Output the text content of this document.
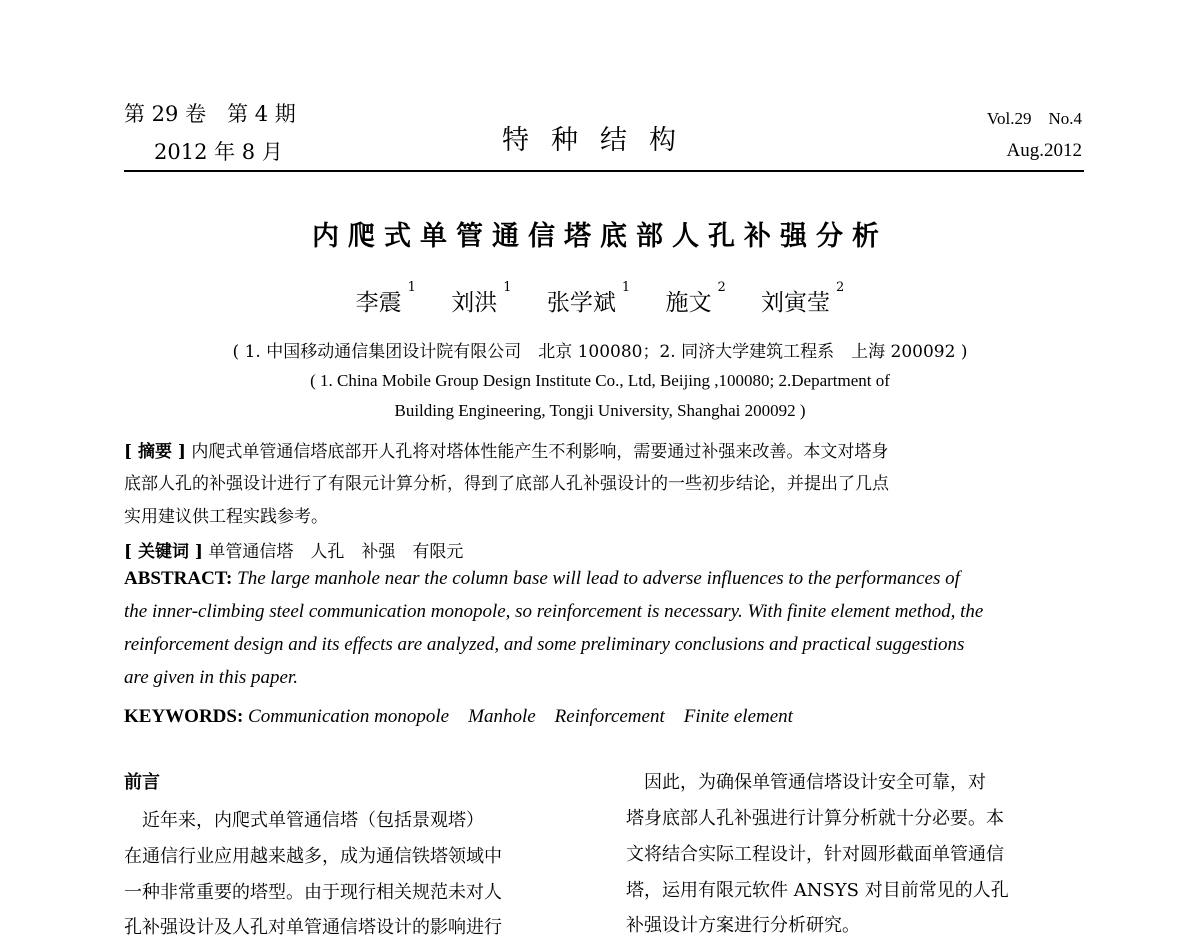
第 29 卷　第 4 期
2012 年 8 月	特种结构
Vol.29　No.4
Aug.2012
内爬式单管通信塔底部人孔补强分析
李震$^1$ 刘洪$^1$ 张学斌$^1$ 施文$^2$ 刘寅莹$^2$
( 1. 中国移动通信集团设计院有限公司　北京 100080；2. 同济大学建筑工程系　上海 200092 )
( 1. China Mobile Group Design Institute Co., Ltd, Beijing ,100080; 2.Department of
Building Engineering, Tongji University, Shanghai 200092 )
[ 摘要 ] 内爬式单管通信塔底部开人孔将对塔体性能产生不利影响，需要通过补强来改善。本文对塔身
底部人孔的补强设计进行了有限元计算分析，得到了底部人孔补强设计的一些初步结论，并提出了几点
实用建议供工程实践参考。
[ 关键词 ] 单管通信塔　人孔　补强　有限元
ABSTRACT: The large manhole near the column base will lead to adverse influences to the performances of
the inner-climbing steel communication monopole, so reinforcement is necessary. With finite element method, the
reinforcement design and its effects are analyzed, and some preliminary conclusions and practical suggestions
are given in this paper.
KEYWORDS: Communication monopole　Manhole　Reinforcement　Finite element
前言
　近年来，内爬式单管通信塔（包括景观塔）
在通信行业应用越来越多，成为通信铁塔领域中
一种非常重要的塔型。由于现行相关规范未对人
孔补强设计及人孔对单管通信塔设计的影响进行
　因此，为确保单管通信塔设计安全可靠，对
塔身底部人孔补强进行计算分析就十分必要。本
文将结合实际工程设计，针对圆形截面单管通信
塔，运用有限元软件 ANSYS 对目前常见的人孔
补强设计方案进行分析研究。
